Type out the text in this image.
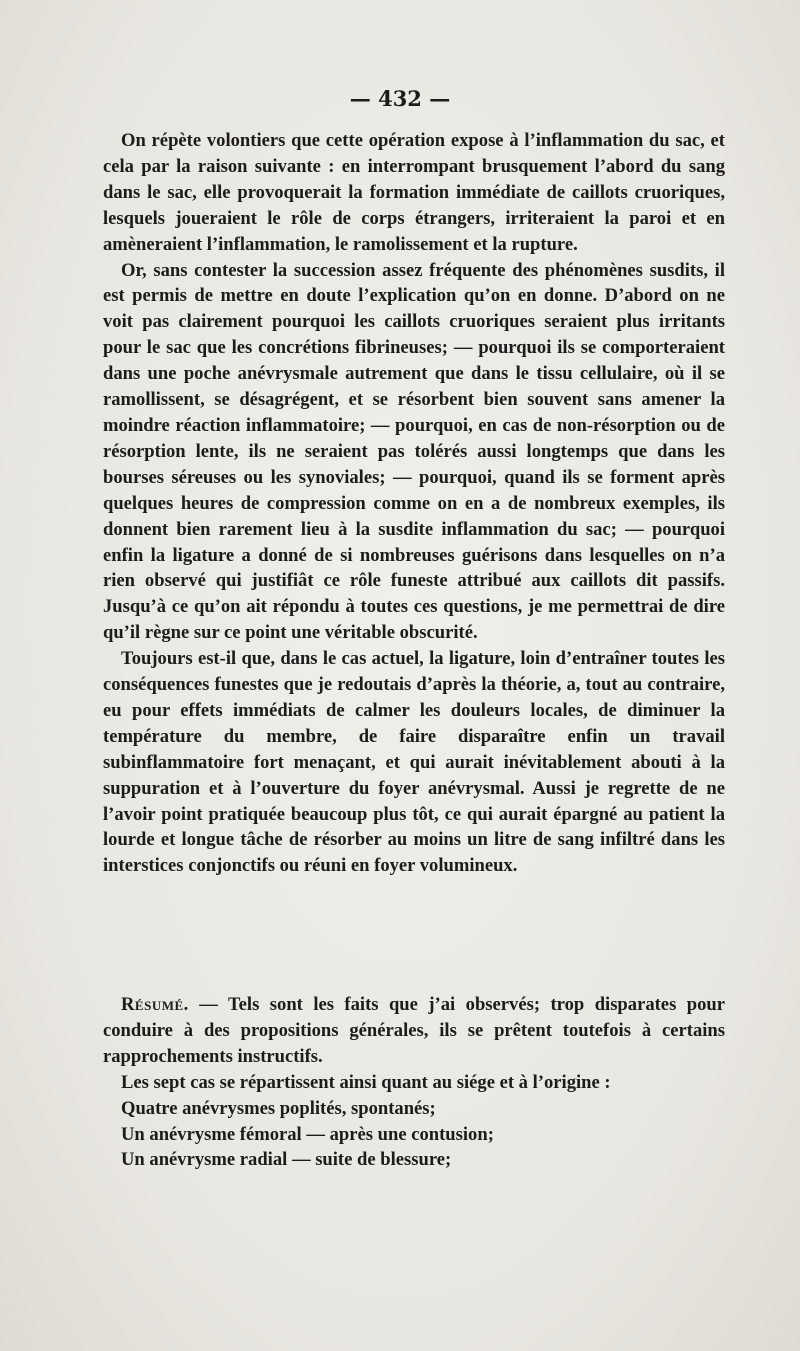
— 432 —

On répète volontiers que cette opération expose à l’inflammation du sac, et cela par la raison suivante : en interrompant brusquement l’abord du sang dans le sac, elle provoquerait la formation immédiate de caillots cruoriques, lesquels joueraient le rôle de corps étrangers, irriteraient la paroi et en amèneraient l’inflammation, le ramolissement et la rupture.

Or, sans contester la succession assez fréquente des phénomènes susdits, il est permis de mettre en doute l’explication qu’on en donne. D’abord on ne voit pas clairement pourquoi les caillots cruoriques seraient plus irritants pour le sac que les concrétions fibrineuses; — pourquoi ils se comporteraient dans une poche anévrysmale autrement que dans le tissu cellulaire, où il se ramollissent, se désagrégent, et se résorbent bien souvent sans amener la moindre réaction inflammatoire; — pourquoi, en cas de non-résorption ou de résorption lente, ils ne seraient pas tolérés aussi longtemps que dans les bourses séreuses ou les synoviales; — pourquoi, quand ils se forment après quelques heures de compression comme on en a de nombreux exemples, ils donnent bien rarement lieu à la susdite inflammation du sac; — pourquoi enfin la ligature a donné de si nombreuses guérisons dans lesquelles on n’a rien observé qui justifiât ce rôle funeste attribué aux caillots dit passifs. Jusqu’à ce qu’on ait répondu à toutes ces questions, je me permettrai de dire qu’il règne sur ce point une véritable obscurité.

Toujours est-il que, dans le cas actuel, la ligature, loin d’entraîner toutes les conséquences funestes que je redoutais d’après la théorie, a, tout au contraire, eu pour effets immédiats de calmer les douleurs locales, de diminuer la température du membre, de faire disparaître enfin un travail subinflammatoire fort menaçant, et qui aurait inévitablement abouti à la suppuration et à l’ouverture du foyer anévrysmal. Aussi je regrette de ne l’avoir point pratiquée beaucoup plus tôt, ce qui aurait épargné au patient la lourde et longue tâche de résorber au moins un litre de sang infiltré dans les interstices conjonctifs ou réuni en foyer volumineux.

Résumé. — Tels sont les faits que j’ai observés; trop disparates pour conduire à des propositions générales, ils se prêtent toutefois à certains rapprochements instructifs.

Les sept cas se répartissent ainsi quant au siége et à l’origine :

Quatre anévrysmes poplités, spontanés;

Un anévrysme fémoral — après une contusion;

Un anévrysme radial — suite de blessure;
